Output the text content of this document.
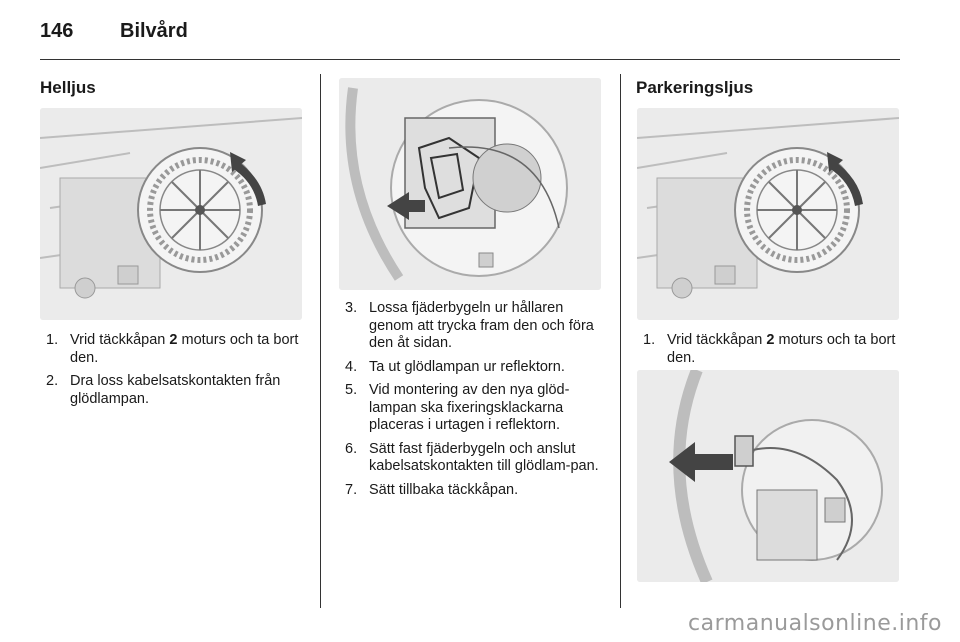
146 Bilvård
Helljus
1. Vrid täckkåpan 2 moturs och ta bort den.
2. Dra loss kabelsatskontakten från glödlampan.
3. Lossa fjäderbygeln ur hållaren genom att trycka fram den och föra den åt sidan.
4. Ta ut glödlampan ur reflektorn.
5. Vid montering av den nya glöd-lampan ska fixeringsklackarna placeras i urtagen i reflektorn.
6. Sätt fast fjäderbygeln och anslut kabelsatskontakten till glödlam-pan.
7. Sätt tillbaka täckkåpan.
Parkeringsljus
1. Vrid täckkåpan 2 moturs och ta bort den.
carmanualsonline.info
